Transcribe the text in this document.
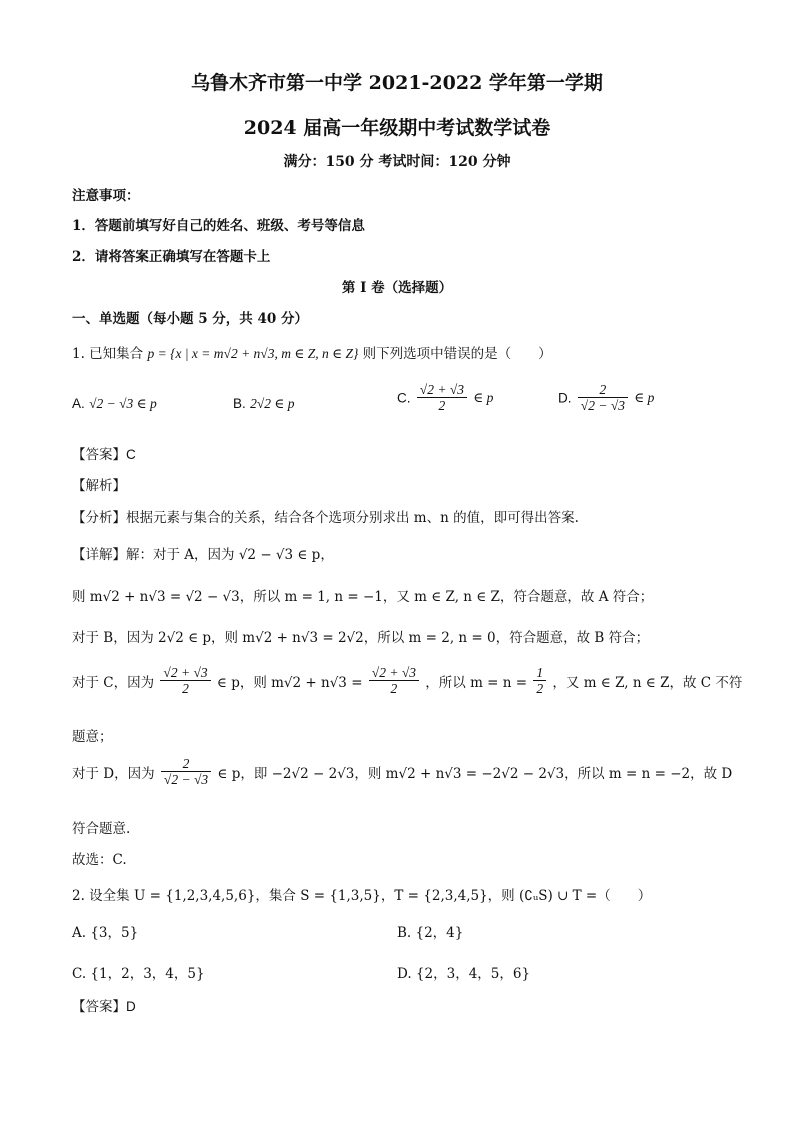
乌鲁木齐市第一中学 2021-2022 学年第一学期
2024 届高一年级期中考试数学试卷
满分：150 分 考试时间：120 分钟
注意事项：
1．答题前填写好自己的姓名、班级、考号等信息
2．请将答案正确填写在答题卡上
第 I 卷（选择题）
一、单选题（每小题 5 分，共 40 分）
1. 已知集合 p = {x | x = m√2 + n√3, m ∈ Z, n ∈ Z} 则下列选项中错误的是（　　）
A. √2 − √3 ∈ p	B. 2√2 ∈ p	C. $\frac{√2 + √3}{2}$ ∈ p	D. $\frac{2}{√2 - √3}$ ∈ p
【答案】C
【解析】
【分析】根据元素与集合的关系，结合各个选项分别求出 m、n 的值，即可得出答案.
【详解】解：对于 A，因为 √2 − √3 ∈ p，
则 m√2 + n√3 = √2 − √3，所以 m = 1, n = −1，又 m ∈ Z, n ∈ Z，符合题意，故 A 符合；
对于 B，因为 2√2 ∈ p，则 m√2 + n√3 = 2√2，所以 m = 2, n = 0，符合题意，故 B 符合；
对于 C，因为 $\frac{√2 + √3}{2}$ ∈ p，则 $m√2 + n√3 = \frac{√2 + √3}{2}$ ，所以 $m = n = \frac{1}{2}$ ，又 m ∈ Z, n ∈ Z，故 C 不符
题意；
对于 D，因为 $\frac{2}{√2 - √3}$ ∈ p，即 −2√2 − 2√3，则 m√2 + n√3 = −2√2 − 2√3，所以 m = n = −2，故 D
符合题意.
故选：C.
2. 设全集 U = {1,2,3,4,5,6}，集合 S = {1,3,5}，T = {2,3,4,5}，则 (∁ᵤS) ∪ T =（　　）
A. {3，5}	B. {2，4}
C. {1，2，3，4，5}	D. {2，3，4，5，6}
【答案】D
